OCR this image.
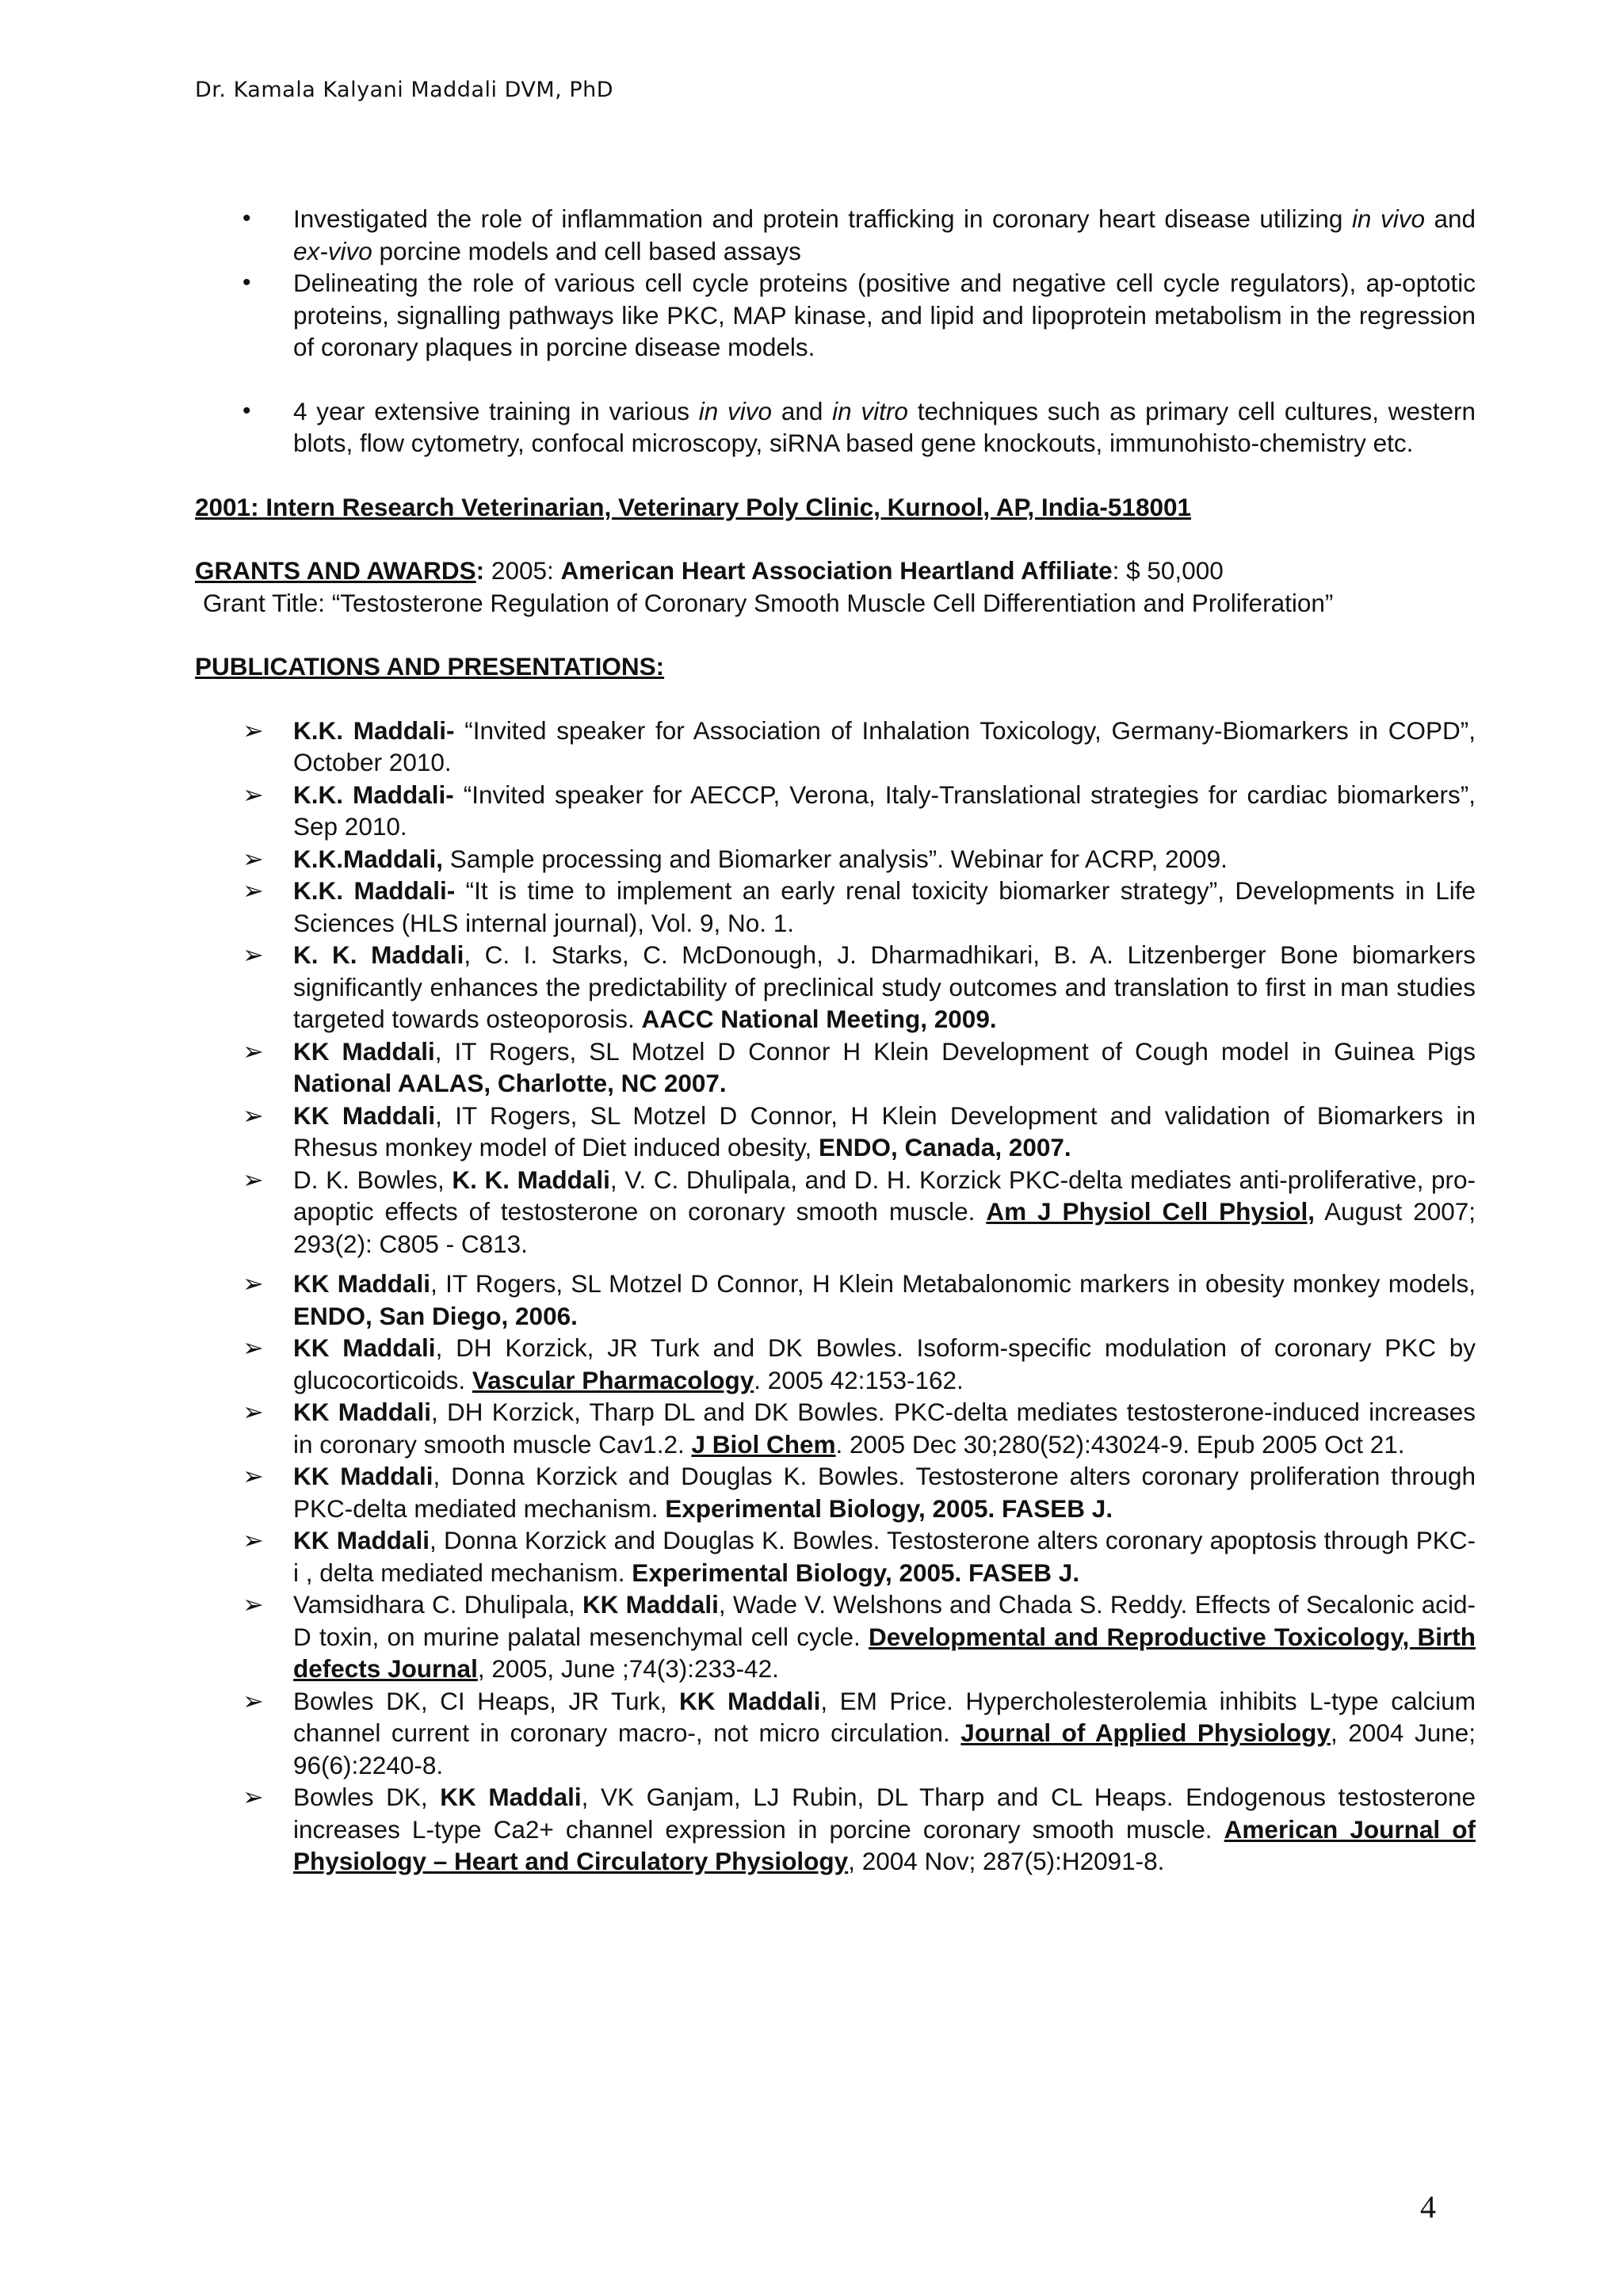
Dr. Kamala Kalyani Maddali DVM, PhD
• Investigated the role of inflammation and protein trafficking in coronary heart disease utilizing in vivo and ex-vivo porcine models and cell based assays
• Delineating the role of various cell cycle proteins (positive and negative cell cycle regulators), ap-optotic proteins, signalling pathways like PKC, MAP kinase, and lipid and lipoprotein metabolism in the regression of coronary plaques in porcine disease models.
• 4 year extensive training in various in vivo and in vitro techniques such as primary cell cultures, western blots, flow cytometry, confocal microscopy, siRNA based gene knockouts, immunohisto-chemistry etc.

2001: Intern Research Veterinarian, Veterinary Poly Clinic, Kurnool, AP, India-518001

GRANTS AND AWARDS: 2005: American Heart Association Heartland Affiliate: $ 50,000

Grant Title: “Testosterone Regulation of Coronary Smooth Muscle Cell Differentiation and Proliferation”

PUBLICATIONS AND PRESENTATIONS:

➢ K.K. Maddali- “Invited speaker for Association of Inhalation Toxicology, Germany-Biomarkers in COPD”, October 2010.
➢ K.K. Maddali- “Invited speaker for AECCP, Verona, Italy-Translational strategies for cardiac biomarkers”, Sep 2010.
➢ K.K.Maddali, Sample processing and Biomarker analysis”. Webinar for ACRP, 2009.
➢ K.K. Maddali- “It is time to implement an early renal toxicity biomarker strategy”, Developments in Life Sciences (HLS internal journal), Vol. 9, No. 1.
➢ K. K. Maddali, C. I. Starks, C. McDonough, J. Dharmadhikari, B. A. Litzenberger Bone biomarkers significantly enhances the predictability of preclinical study outcomes and translation to first in man studies targeted towards osteoporosis. AACC National Meeting, 2009.
➢ KK Maddali, IT Rogers, SL Motzel D Connor H Klein Development of Cough model in Guinea Pigs National AALAS, Charlotte, NC 2007.
➢ KK Maddali, IT Rogers, SL Motzel D Connor, H Klein Development and validation of Biomarkers in Rhesus monkey model of Diet induced obesity, ENDO, Canada, 2007.
➢ D. K. Bowles, K. K. Maddali, V. C. Dhulipala, and D. H. Korzick PKC-delta mediates anti-proliferative, pro-apoptic effects of testosterone on coronary smooth muscle. Am J Physiol Cell Physiol, August 2007; 293(2): C805 - C813.
➢ KK Maddali, IT Rogers, SL Motzel D Connor, H Klein Metabalonomic markers in obesity monkey models, ENDO, San Diego, 2006.
➢ KK Maddali, DH Korzick, JR Turk and DK Bowles. Isoform-specific modulation of coronary PKC by glucocorticoids. Vascular Pharmacology. 2005 42:153-162.
➢ KK Maddali, DH Korzick, Tharp DL and DK Bowles. PKC-delta mediates testosterone-induced increases in coronary smooth muscle Cav1.2. J Biol Chem. 2005 Dec 30;280(52):43024-9. Epub 2005 Oct 21.
➢ KK Maddali, Donna Korzick and Douglas K. Bowles. Testosterone alters coronary proliferation through PKC-delta mediated mechanism. Experimental Biology, 2005. FASEB J.
➢ KK Maddali, Donna Korzick and Douglas K. Bowles. Testosterone alters coronary apoptosis through PKC-i , delta mediated mechanism. Experimental Biology, 2005. FASEB J.
➢ Vamsidhara C. Dhulipala, KK Maddali, Wade V. Welshons and Chada S. Reddy. Effects of Secalonic acid-D toxin, on murine palatal mesenchymal cell cycle. Developmental and Reproductive Toxicology, Birth defects Journal, 2005, June ;74(3):233-42.
➢ Bowles DK, CI Heaps, JR Turk, KK Maddali, EM Price. Hypercholesterolemia inhibits L-type calcium channel current in coronary macro-, not micro circulation. Journal of Applied Physiology, 2004 June; 96(6):2240-8.
➢ Bowles DK, KK Maddali, VK Ganjam, LJ Rubin, DL Tharp and CL Heaps. Endogenous testosterone increases L-type Ca2+ channel expression in porcine coronary smooth muscle. American Journal of Physiology – Heart and Circulatory Physiology, 2004 Nov; 287(5):H2091-8.
4
